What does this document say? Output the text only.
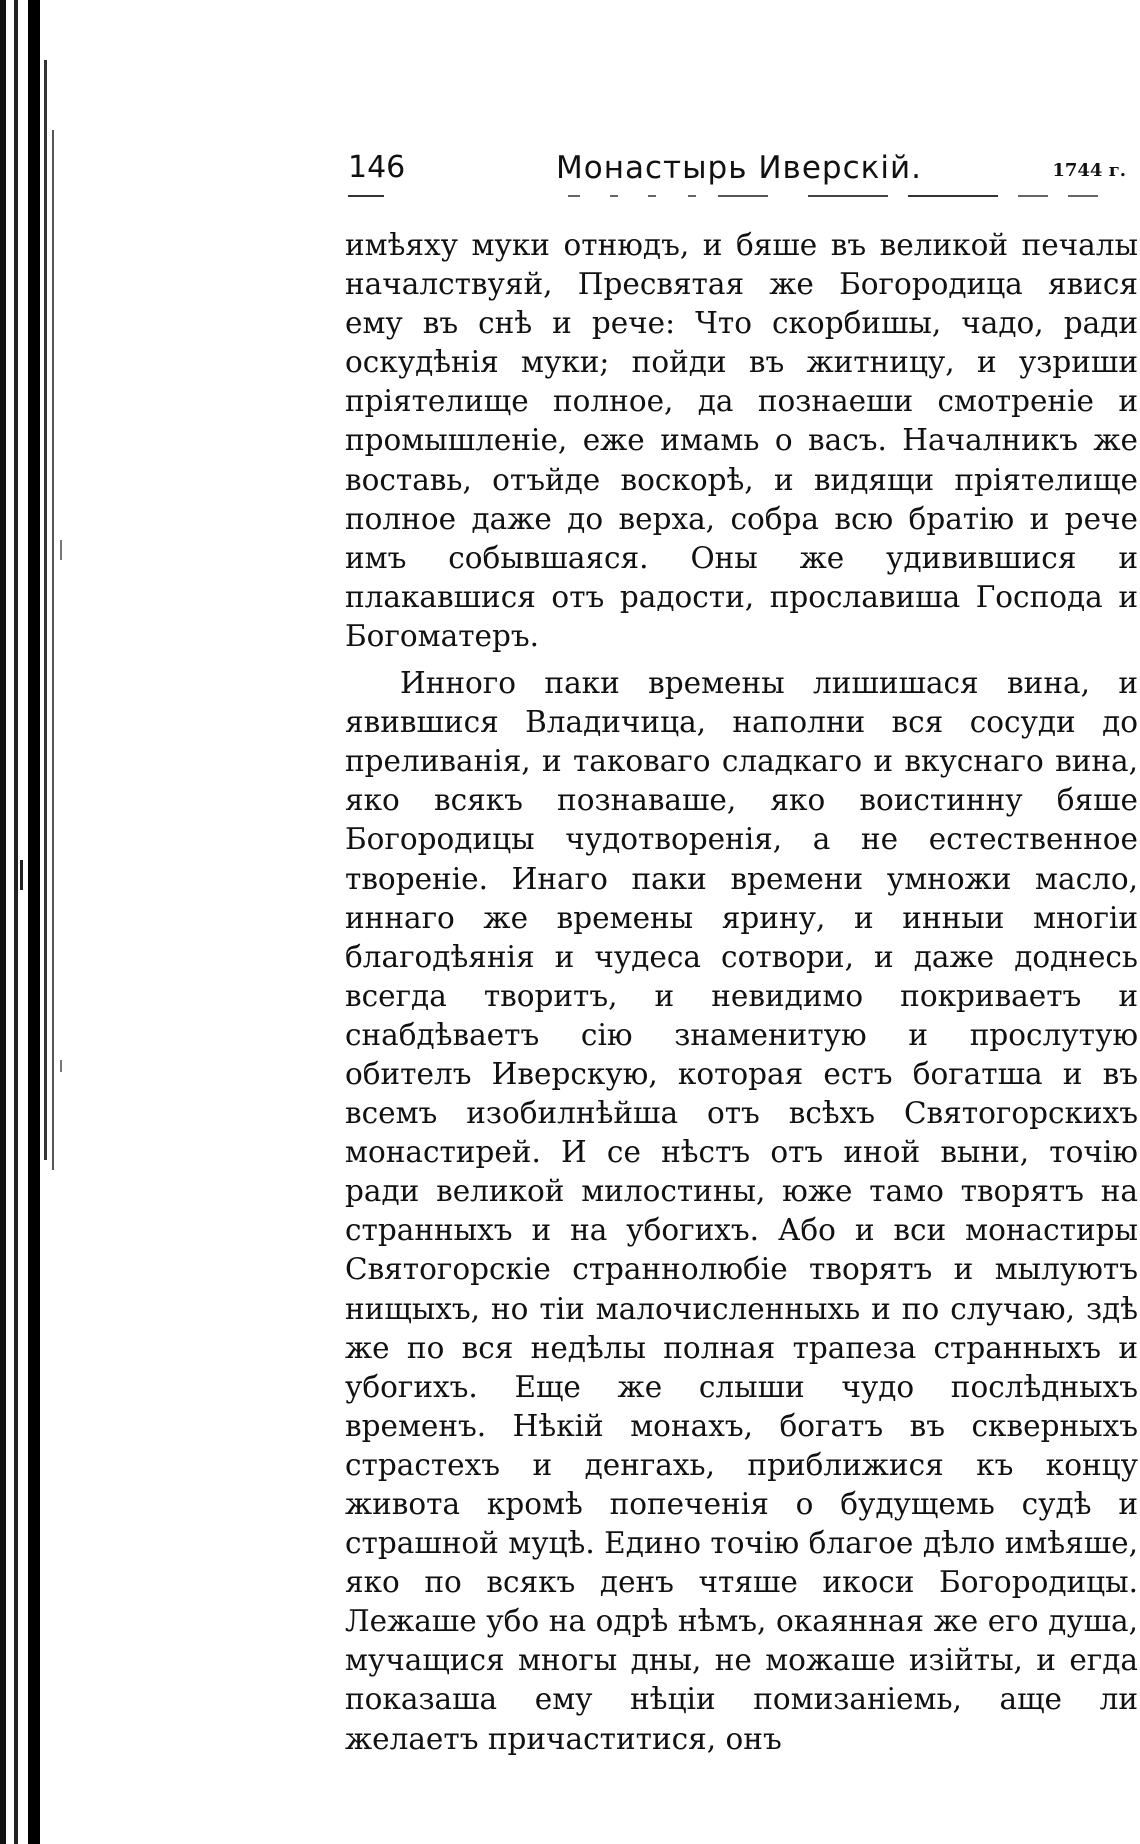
146	Монастырь Иверскій.	1744 г.

имѣяху муки отнюдъ, и бяше въ великой печалы началствуяй, Пресвятая же Богородица явися ему въ снѣ и рече: Что скорбишы, чадо, ради оскудѣнія муки; пойди въ житницу, и узриши пріятелище полное, да познаеши смотреніе и промышленіе, еже имамь о васъ. Началникъ же воставь, отъйде воскорѣ, и видящи пріятелище полное даже до верха, собра всю братію и рече имъ собывшаяся. Оны же удивившися и плакавшися отъ радости, прославиша Господа и Богоматеръ.

Инного паки времены лишишася вина, и явившися Владичица, наполни вся сосуди до преливанія, и таковаго сладкаго и вкуснаго вина, яко всякъ познаваше, яко воистинну бяше Богородицы чудотворенія, а не естественное твореніе. Инаго паки времени умножи масло, иннаго же времены ярину, и инныи многіи благодѣянія и чудеса сотвори, и даже доднесь всегда творитъ, и невидимо покриваетъ и снабдѣваетъ сію знаменитую и прослутую обителъ Иверскую, которая естъ богатша и въ всемъ изобилнѣйша отъ всѣхъ Святогорскихъ монастирей. И се нѣстъ отъ иной выни, точію ради великой милостины, юже тамо творятъ на странныхъ и на убогихъ. Або и вси монастиры Святогорскіе страннолюбіе творятъ и мылуютъ нищыхъ, но тіи малочисленныхь и по случаю, здѣ же по вся недѣлы полная трапеза странныхъ и убогихъ. Еще же слыши чудо послѣдныхъ временъ. Нѣкій монахъ, богатъ въ скверныхъ страстехъ и денгахь, приближися къ концу живота кромѣ попеченія о будущемь судѣ и страшной муцѣ. Едино точію благое дѣло имѣяше, яко по всякъ денъ чтяше икоси Богородицы. Лежаше убо на одрѣ нѣмъ, окаянная же его душа, мучащися многы дны, не можаше изійты, и егда показаша ему нѣціи помизаніемь, аще ли желаетъ причаститися, онъ
